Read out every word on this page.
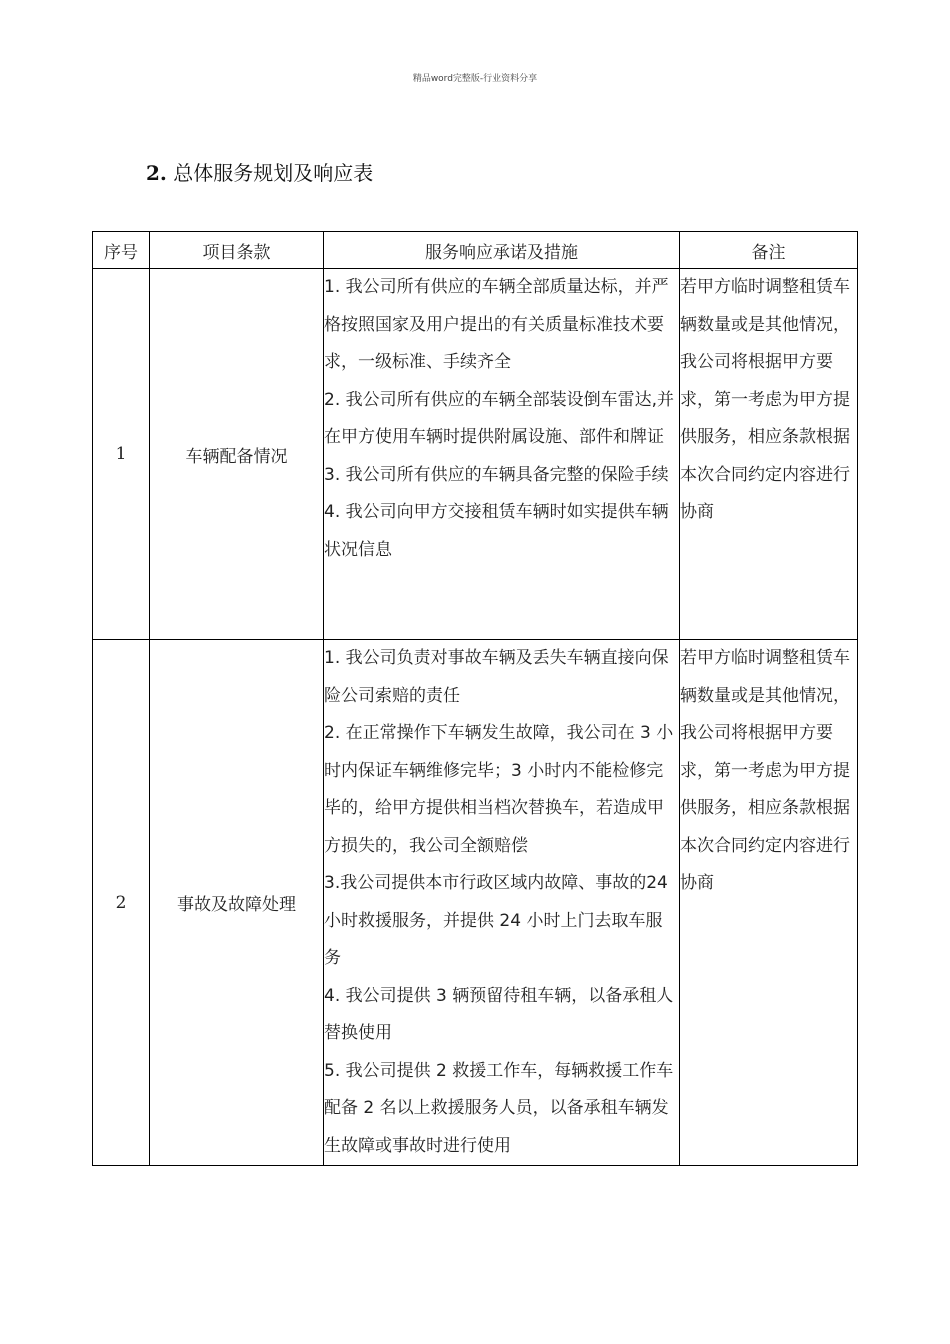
精品word完整版-行业资料分享
2. 总体服务规划及响应表
序号	项目条款	服务响应承诺及措施	备注
1	车辆配备情况	1. 我公司所有供应的车辆全部质量达标，并严格按照国家及用户提出的有关质量标准技术要求，一级标准、手续齐全
2. 我公司所有供应的车辆全部装设倒车雷达,并在甲方使用车辆时提供附属设施、部件和牌证
3. 我公司所有供应的车辆具备完整的保险手续
4. 我公司向甲方交接租赁车辆时如实提供车辆状况信息	若甲方临时调整租赁车辆数量或是其他情况，我公司将根据甲方要求，第一考虑为甲方提供服务，相应条款根据本次合同约定内容进行协商
2	事故及故障处理	1. 我公司负责对事故车辆及丢失车辆直接向保险公司索赔的责任
2. 在正常操作下车辆发生故障，我公司在 3 小时内保证车辆维修完毕；3 小时内不能检修完毕的，给甲方提供相当档次替换车，若造成甲方损失的，我公司全额赔偿
3.我公司提供本市行政区域内故障、事故的24 小时救援服务，并提供 24 小时上门去取车服务
4. 我公司提供 3 辆预留待租车辆，以备承租人替换使用
5. 我公司提供 2 救援工作车，每辆救援工作车配备 2 名以上救援服务人员，以备承租车辆发生故障或事故时进行使用	若甲方临时调整租赁车辆数量或是其他情况，我公司将根据甲方要求，第一考虑为甲方提供服务，相应条款根据本次合同约定内容进行协商
